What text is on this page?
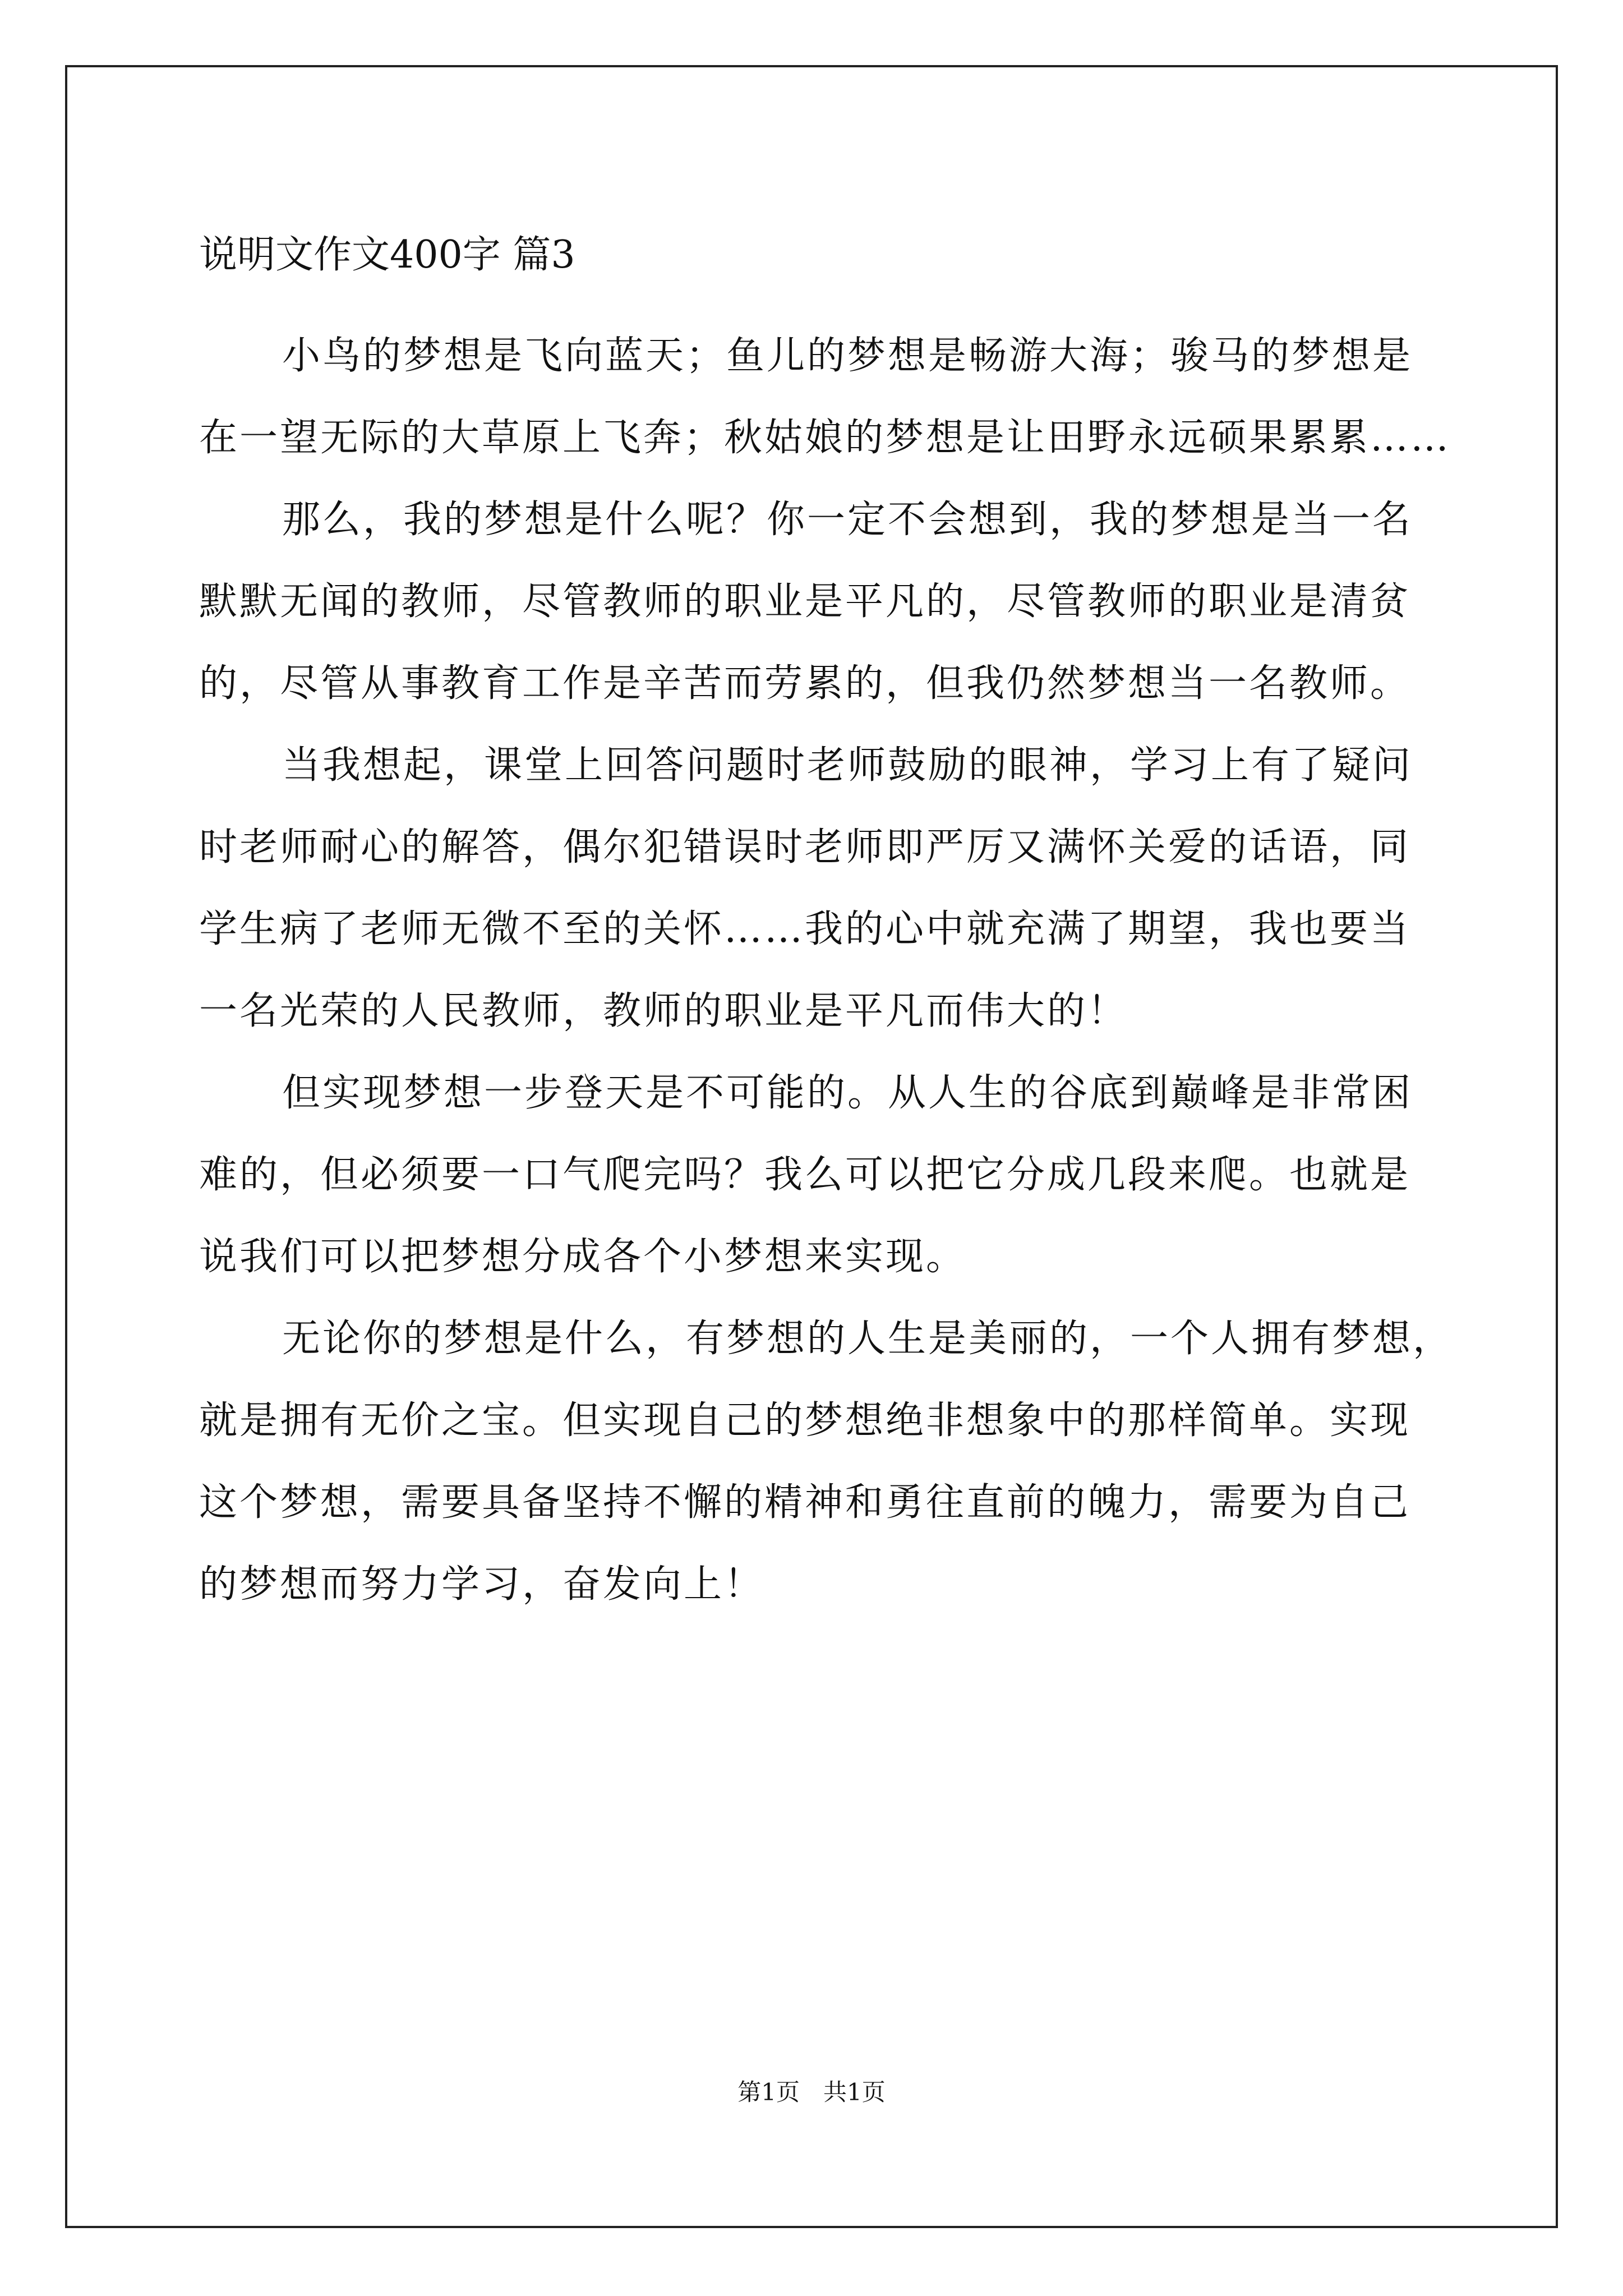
说明文作文400字 篇3
小鸟的梦想是飞向蓝天；鱼儿的梦想是畅游大海；骏马的梦想是
在一望无际的大草原上飞奔；秋姑娘的梦想是让田野永远硕果累累……
那么，我的梦想是什么呢？你一定不会想到，我的梦想是当一名
默默无闻的教师，尽管教师的职业是平凡的，尽管教师的职业是清贫
的，尽管从事教育工作是辛苦而劳累的，但我仍然梦想当一名教师。
当我想起，课堂上回答问题时老师鼓励的眼神，学习上有了疑问
时老师耐心的解答，偶尔犯错误时老师即严厉又满怀关爱的话语，同
学生病了老师无微不至的关怀……我的心中就充满了期望，我也要当
一名光荣的人民教师，教师的职业是平凡而伟大的！
但实现梦想一步登天是不可能的。从人生的谷底到巅峰是非常困
难的，但必须要一口气爬完吗？我么可以把它分成几段来爬。也就是
说我们可以把梦想分成各个小梦想来实现。
无论你的梦想是什么，有梦想的人生是美丽的，一个人拥有梦想，
就是拥有无价之宝。但实现自己的梦想绝非想象中的那样简单。实现
这个梦想，需要具备坚持不懈的精神和勇往直前的魄力，需要为自己
的梦想而努力学习，奋发向上！
第1页　共1页
